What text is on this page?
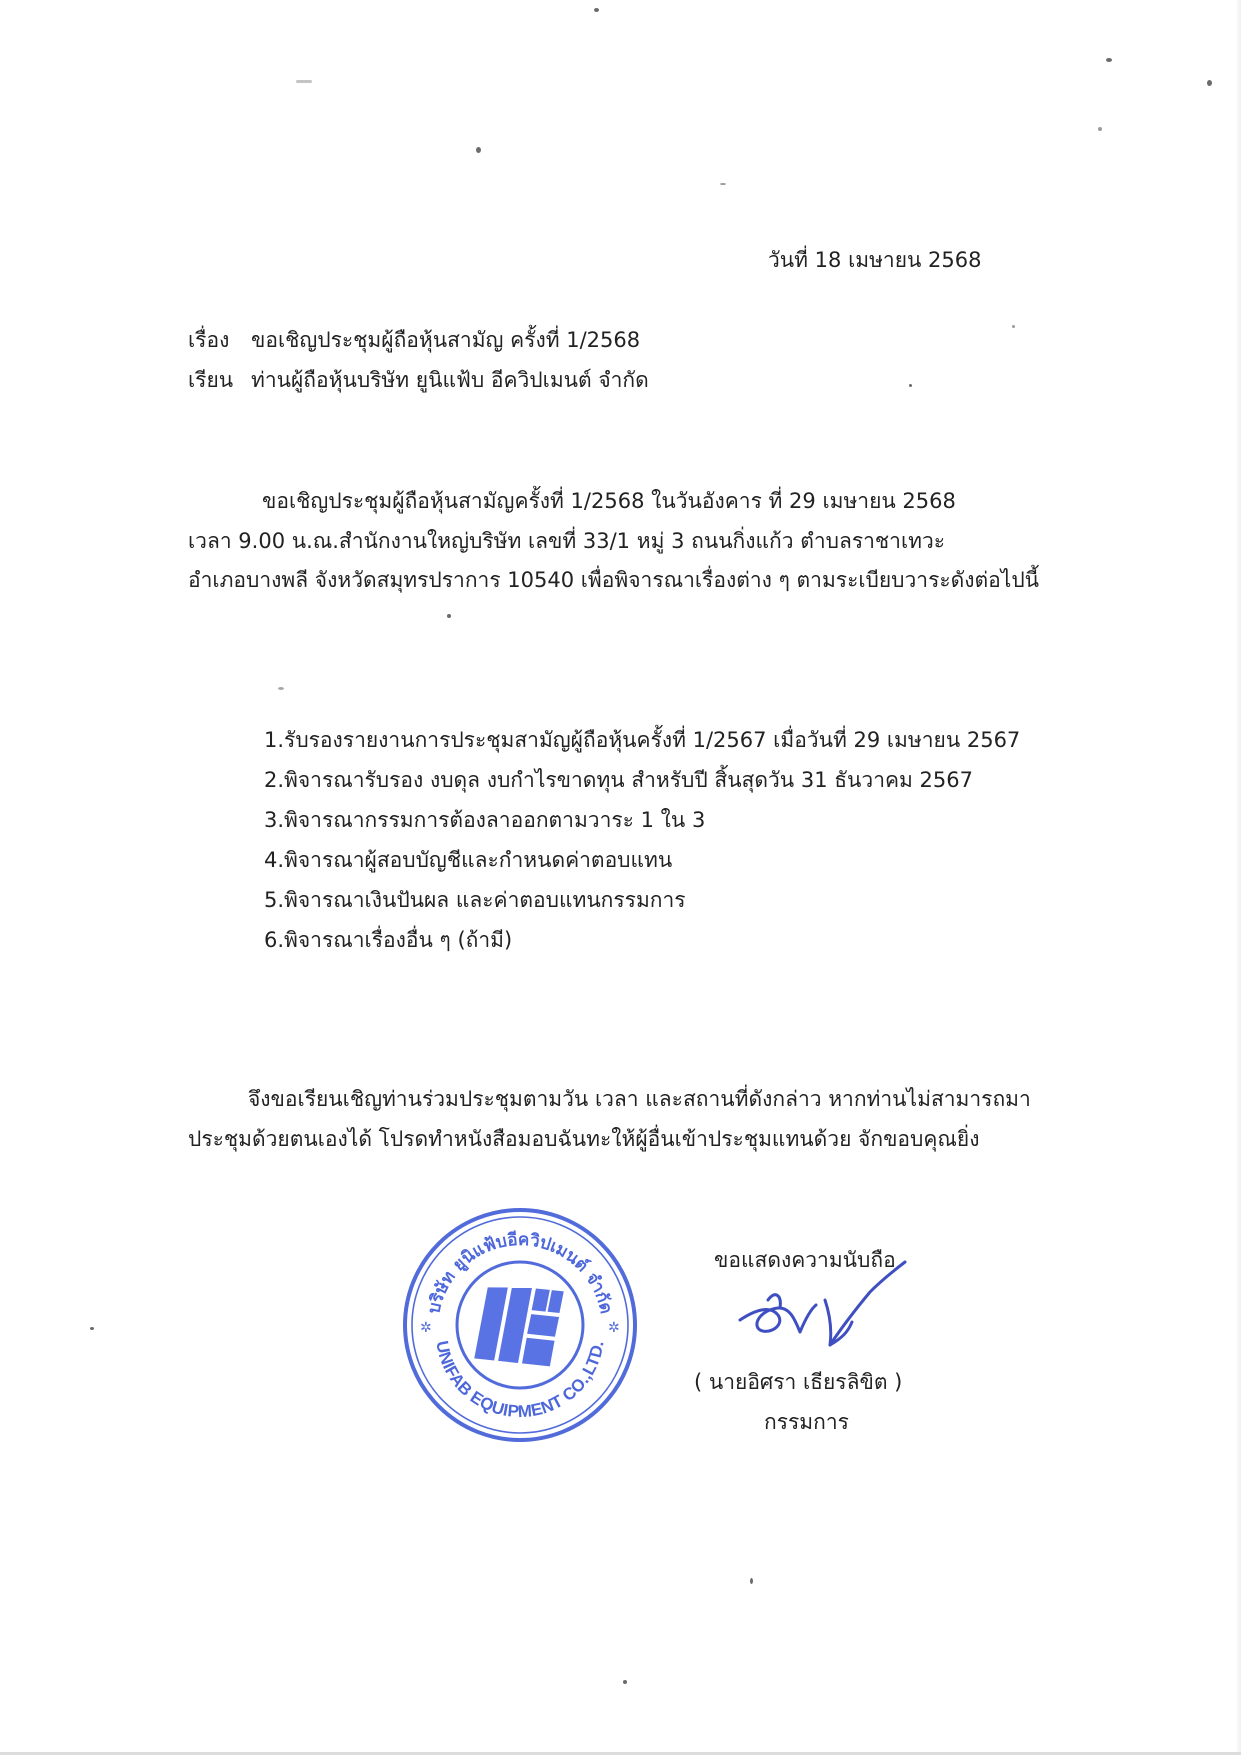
วันที่ 18 เมษายน 2568
เรื่อง ขอเชิญประชุมผู้ถือหุ้นสามัญ ครั้งที่ 1/2568
เรียน ท่านผู้ถือหุ้นบริษัท ยูนิแฟ้บ อีควิปเมนต์ จำกัด
ขอเชิญประชุมผู้ถือหุ้นสามัญครั้งที่ 1/2568 ในวันอังคาร ที่ 29 เมษายน 2568
เวลา 9.00 น.ณ.สำนักงานใหญ่บริษัท เลขที่ 33/1 หมู่ 3 ถนนกิ่งแก้ว ตำบลราชาเทวะ
อำเภอบางพลี จังหวัดสมุทรปราการ 10540 เพื่อพิจารณาเรื่องต่าง ๆ ตามระเบียบวาระดังต่อไปนี้
1.รับรองรายงานการประชุมสามัญผู้ถือหุ้นครั้งที่ 1/2567 เมื่อวันที่ 29 เมษายน 2567
2.พิจารณารับรอง งบดุล งบกำไรขาดทุน สำหรับปี สิ้นสุดวัน 31 ธันวาคม 2567
3.พิจารณากรรมการต้องลาออกตามวาระ 1 ใน 3
4.พิจารณาผู้สอบบัญชีและกำหนดค่าตอบแทน
5.พิจารณาเงินปันผล และค่าตอบแทนกรรมการ
6.พิจารณาเรื่องอื่น ๆ (ถ้ามี)
จึงขอเรียนเชิญท่านร่วมประชุมตามวัน เวลา และสถานที่ดังกล่าว หากท่านไม่สามารถมา
ประชุมด้วยตนเองได้ โปรดทำหนังสือมอบฉันทะให้ผู้อื่นเข้าประชุมแทนด้วย จักขอบคุณยิ่ง
บริษัท ยูนิแฟ้บอีควิปเมนต์ จำกัด
UNIFAB EQUIPMENT CO.,LTD.
✲	✲
ขอแสดงความนับถือ
( นายอิศรา เธียรลิขิต )
กรรมการ
